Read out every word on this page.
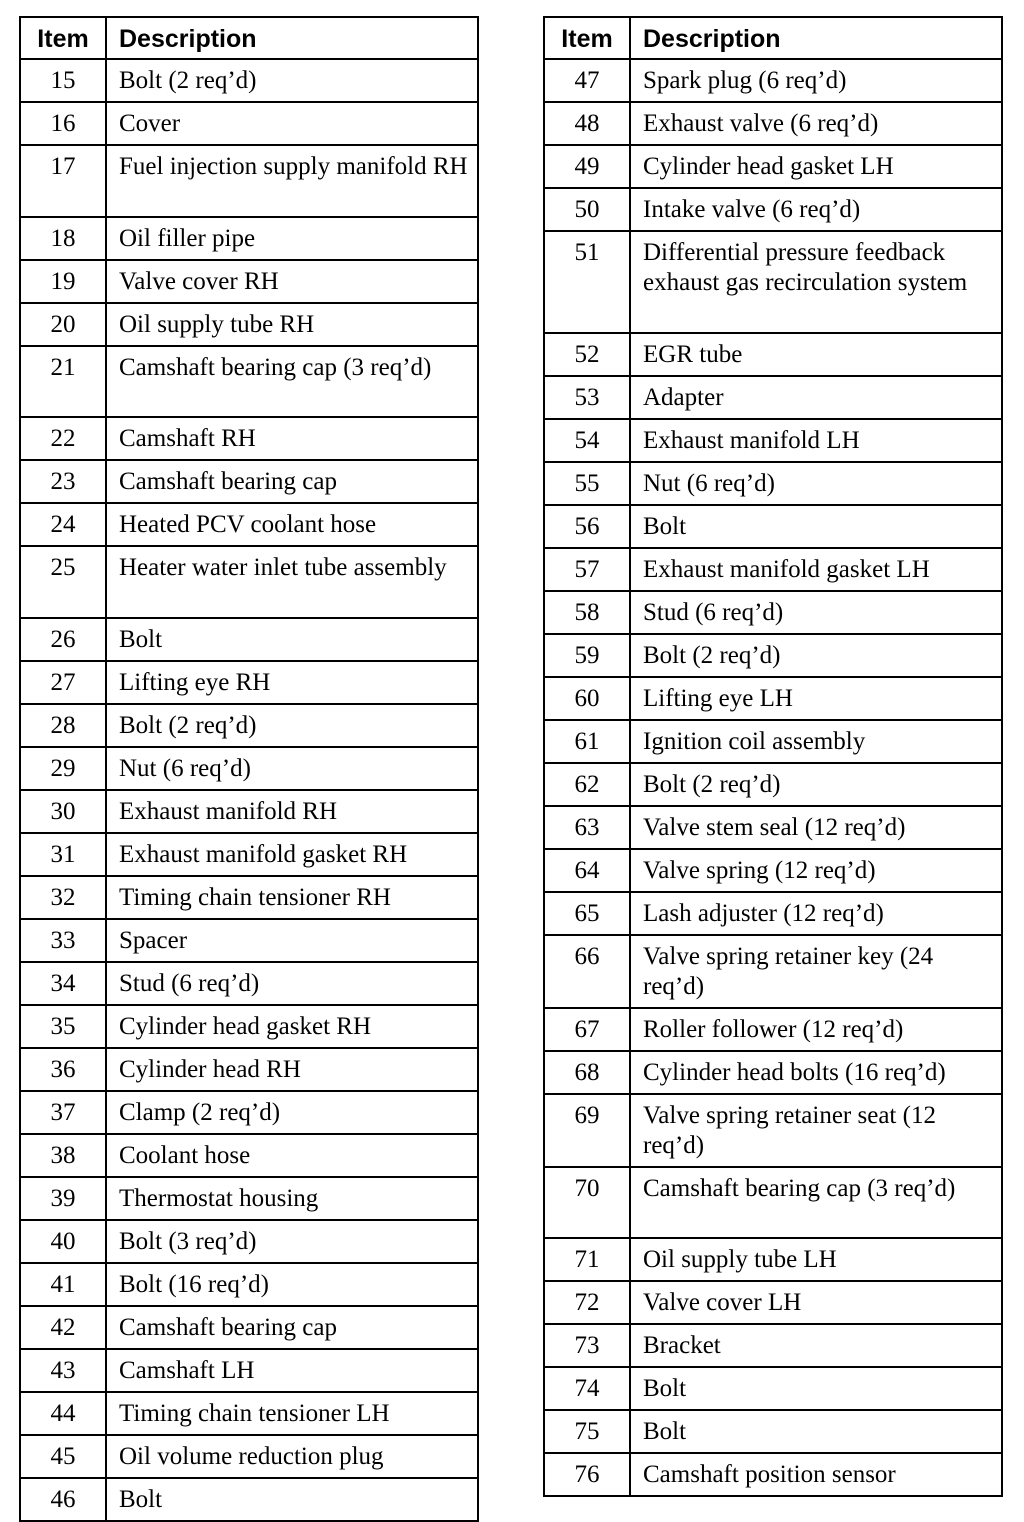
Item	Description
15	Bolt (2 req’d)
16	Cover
17	Fuel injection supply manifold RH
18	Oil filler pipe
19	Valve cover RH
20	Oil supply tube RH
21	Camshaft bearing cap (3 req’d)
22	Camshaft RH
23	Camshaft bearing cap
24	Heated PCV coolant hose
25	Heater water inlet tube assembly
26	Bolt
27	Lifting eye RH
28	Bolt (2 req’d)
29	Nut (6 req’d)
30	Exhaust manifold RH
31	Exhaust manifold gasket RH
32	Timing chain tensioner RH
33	Spacer
34	Stud (6 req’d)
35	Cylinder head gasket RH
36	Cylinder head RH
37	Clamp (2 req’d)
38	Coolant hose
39	Thermostat housing
40	Bolt (3 req’d)
41	Bolt (16 req’d)
42	Camshaft bearing cap
43	Camshaft LH
44	Timing chain tensioner LH
45	Oil volume reduction plug
46	Bolt
Item	Description
47	Spark plug (6 req’d)
48	Exhaust valve (6 req’d)
49	Cylinder head gasket LH
50	Intake valve (6 req’d)
51	Differential pressure feedback exhaust gas recirculation system
52	EGR tube
53	Adapter
54	Exhaust manifold LH
55	Nut (6 req’d)
56	Bolt
57	Exhaust manifold gasket LH
58	Stud (6 req’d)
59	Bolt (2 req’d)
60	Lifting eye LH
61	Ignition coil assembly
62	Bolt (2 req’d)
63	Valve stem seal (12 req’d)
64	Valve spring (12 req’d)
65	Lash adjuster (12 req’d)
66	Valve spring retainer key (24 req’d)
67	Roller follower (12 req’d)
68	Cylinder head bolts (16 req’d)
69	Valve spring retainer seat (12 req’d)
70	Camshaft bearing cap (3 req’d)
71	Oil supply tube LH
72	Valve cover LH
73	Bracket
74	Bolt
75	Bolt
76	Camshaft position sensor
